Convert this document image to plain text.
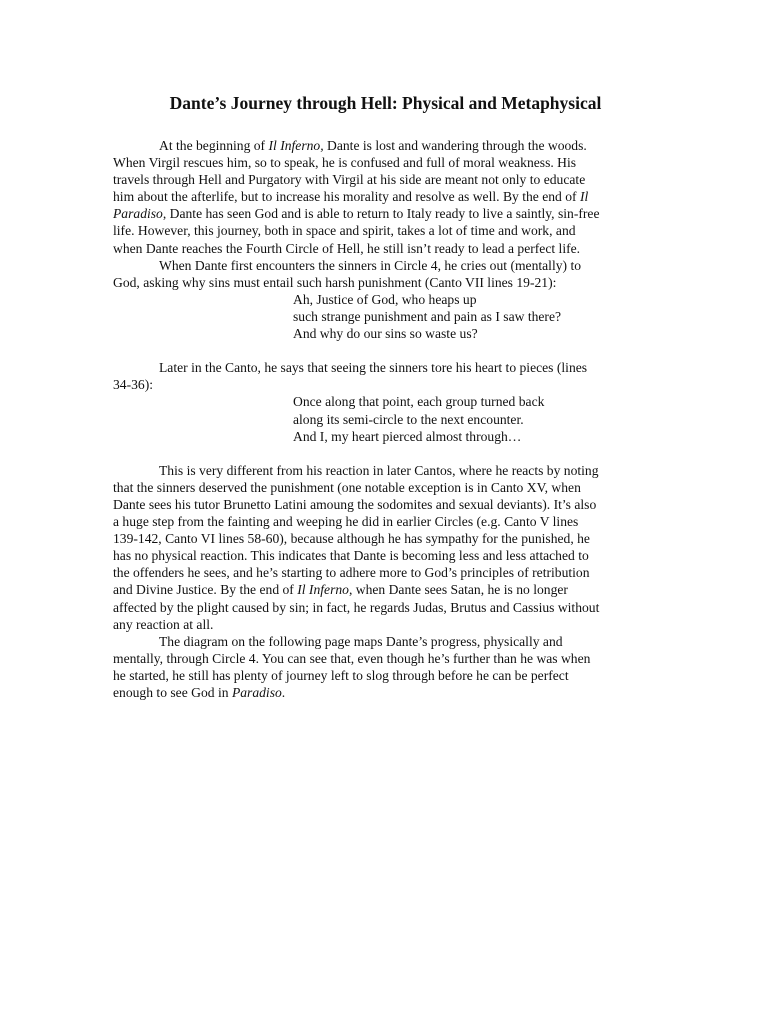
Dante’s Journey through Hell: Physical and Metaphysical
At the beginning of Il Inferno, Dante is lost and wandering through the woods.
When Virgil rescues him, so to speak, he is confused and full of moral weakness. His
travels through Hell and Purgatory with Virgil at his side are meant not only to educate
him about the afterlife, but to increase his morality and resolve as well. By the end of Il
Paradiso, Dante has seen God and is able to return to Italy ready to live a saintly, sin-free
life. However, this journey, both in space and spirit, takes a lot of time and work, and
when Dante reaches the Fourth Circle of Hell, he still isn’t ready to lead a perfect life.
When Dante first encounters the sinners in Circle 4, he cries out (mentally) to
God, asking why sins must entail such harsh punishment (Canto VII lines 19-21):
Ah, Justice of God, who heaps up
such strange punishment and pain as I saw there?
And why do our sins so waste us?
Later in the Canto, he says that seeing the sinners tore his heart to pieces (lines
34-36):
Once along that point, each group turned back
along its semi-circle to the next encounter.
And I, my heart pierced almost through…
This is very different from his reaction in later Cantos, where he reacts by noting
that the sinners deserved the punishment (one notable exception is in Canto XV, when
Dante sees his tutor Brunetto Latini amoung the sodomites and sexual deviants). It’s also
a huge step from the fainting and weeping he did in earlier Circles (e.g. Canto V lines
139-142, Canto VI lines 58-60), because although he has sympathy for the punished, he
has no physical reaction. This indicates that Dante is becoming less and less attached to
the offenders he sees, and he’s starting to adhere more to God’s principles of retribution
and Divine Justice. By the end of Il Inferno, when Dante sees Satan, he is no longer
affected by the plight caused by sin; in fact, he regards Judas, Brutus and Cassius without
any reaction at all.
The diagram on the following page maps Dante’s progress, physically and
mentally, through Circle 4. You can see that, even though he’s further than he was when
he started, he still has plenty of journey left to slog through before he can be perfect
enough to see God in Paradiso.
